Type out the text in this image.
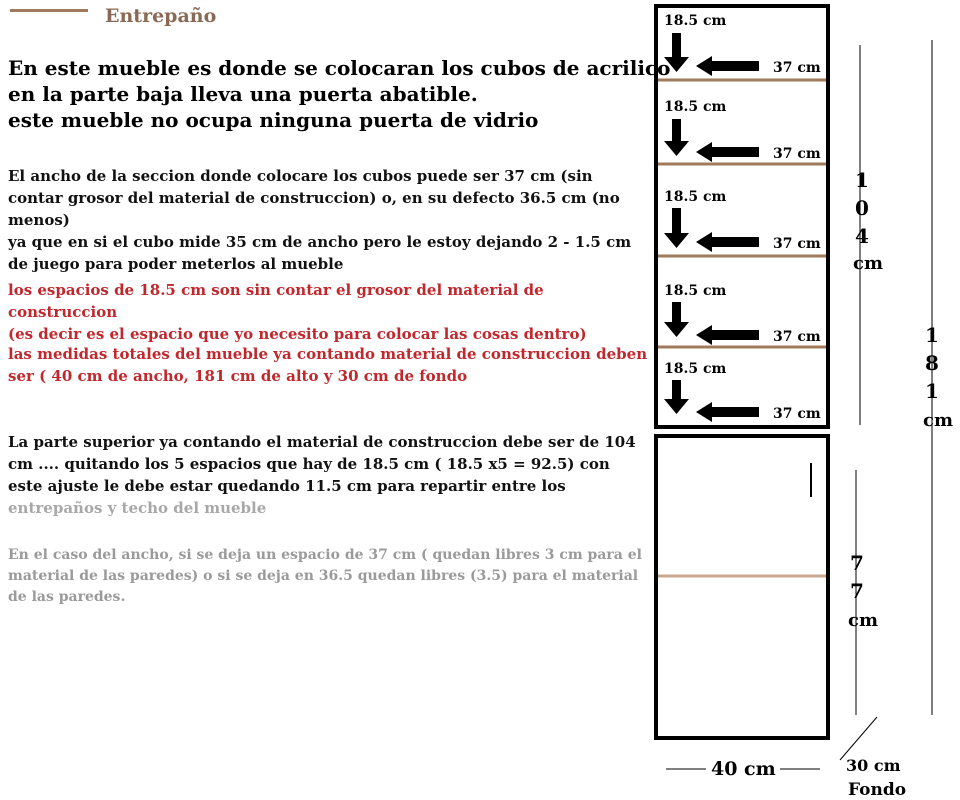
Entrepaño
En este mueble es donde se colocaran los cubos de acrilico
en la parte baja lleva una puerta abatible.
este mueble no ocupa ninguna puerta de vidrio
El ancho de la seccion donde colocare los cubos puede ser 37 cm (sin
contar grosor del material de construccion) o, en su defecto 36.5 cm (no menos)
ya que en si el cubo mide 35 cm de ancho pero le estoy dejando 2 - 1.5 cm
de juego para poder meterlos al mueble
los espacios de 18.5 cm son sin contar el grosor del material de construccion
(es decir es el espacio que yo necesito para colocar las cosas dentro)
las medidas totales del mueble ya contando material de construccion deben
ser ( 40 cm de ancho, 181 cm de alto y 30 cm de fondo
La parte superior ya contando el material de construccion debe ser de 104
cm .... quitando los 5 espacios que hay de 18.5 cm ( 18.5 x5 = 92.5) con
este ajuste le debe estar quedando 11.5 cm para repartir entre los
entrepaños y techo del mueble
En el caso del ancho, si se deja un espacio de 37 cm ( quedan libres 3 cm para el
material de las paredes) o si se deja en 36.5 quedan libres (3.5) para el material
de las paredes.
18.5 cm
37 cm
18.5 cm
37 cm
18.5 cm
37 cm
18.5 cm
37 cm
18.5 cm
37 cm
1
0
4
cm
1
8
1
cm
7
7
cm
40 cm	30 cm
Fondo
